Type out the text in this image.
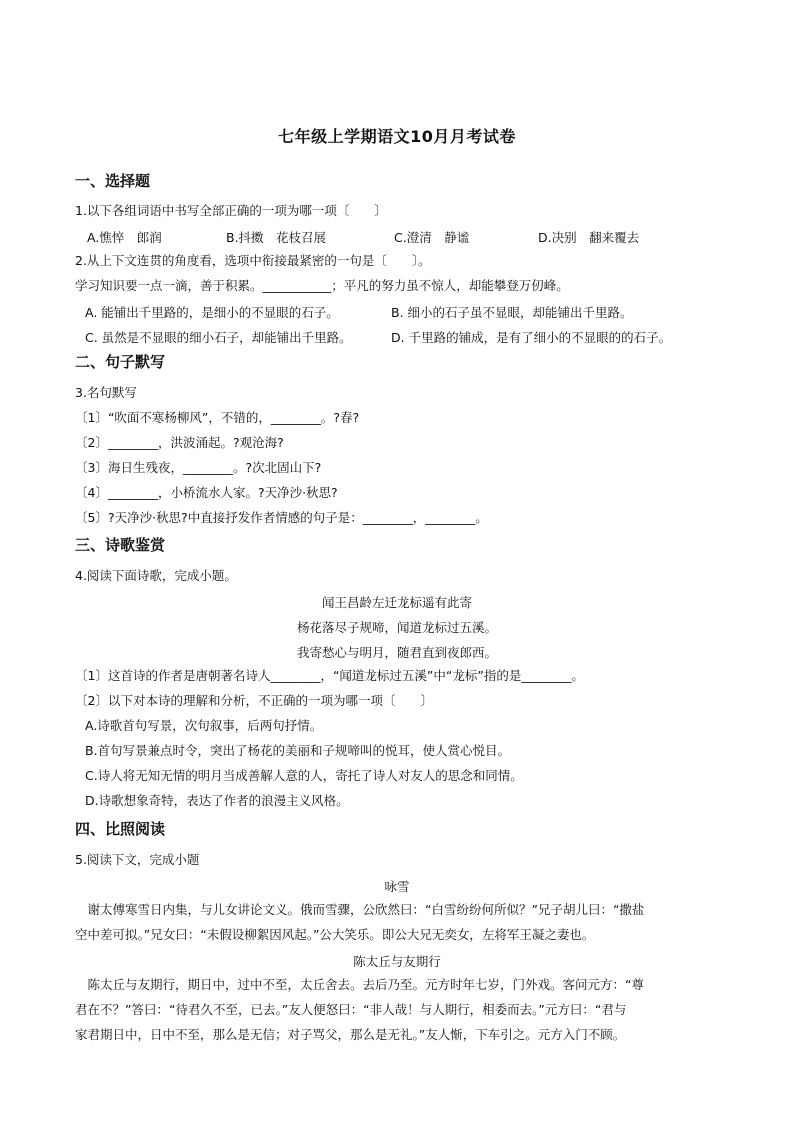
七年级上学期语文10月月考试卷
一、选择题
1.以下各组词语中书写全部正确的一项为哪一项〔　　〕
A.憔悴　郎润	B.抖擞　花枝召展	C.澄清　静谧	D.决别　翻来覆去
2.从上下文连贯的角度看，选项中衔接最紧密的一句是〔　　〕。
学习知识要一点一滴，善于积累。___________；平凡的努力虽不惊人，却能攀登万仞峰。
A. 能铺出千里路的，是细小的不显眼的石子。	B. 细小的石子虽不显眼，却能铺出千里路。
C. 虽然是不显眼的细小石子，却能铺出千里路。	D. 千里路的铺成，是有了细小的不显眼的的石子。
二、句子默写
3.名句默写
〔1〕“吹面不寒杨柳风”，不错的，________。?春?
〔2〕________，洪波涌起。?观沧海?
〔3〕海日生残夜，________。?次北固山下?
〔4〕________，小桥流水人家。?天净沙·秋思?
〔5〕?天净沙·秋思?中直接抒发作者情感的句子是：________，________。
三、诗歌鉴赏
4.阅读下面诗歌，完成小题。
闻王昌龄左迁龙标遥有此寄
杨花落尽子规啼，闻道龙标过五溪。
我寄愁心与明月，随君直到夜郎西。
〔1〕这首诗的作者是唐朝著名诗人________，“闻道龙标过五溪”中“龙标”指的是________。
〔2〕以下对本诗的理解和分析，不正确的一项为哪一项〔　　〕
A.诗歌首句写景，次句叙事，后两句抒情。
B.首句写景兼点时令，突出了杨花的美丽和子规啼叫的悦耳，使人赏心悦目。
C.诗人将无知无情的明月当成善解人意的人，寄托了诗人对友人的思念和同情。
D.诗歌想象奇特，表达了作者的浪漫主义风格。
四、比照阅读
5.阅读下文，完成小题
咏雪
　谢太傅寒雪日内集，与儿女讲论文义。俄而雪骤，公欣然曰：“白雪纷纷何所似？”兄子胡儿曰：“撒盐
空中差可拟。”兄女曰：“未假设柳絮因风起。”公大笑乐。即公大兄无奕女，左将军王凝之妻也。
陈太丘与友期行
　陈太丘与友期行，期日中，过中不至，太丘舍去。去后乃至。元方时年七岁，门外戏。客问元方：“尊
君在不？”答曰：“待君久不至，已去。”友人便怒曰：“非人哉！与人期行，相委而去。”元方曰：“君与
家君期日中，日中不至，那么是无信；对子骂父，那么是无礼。”友人惭，下车引之。元方入门不顾。
